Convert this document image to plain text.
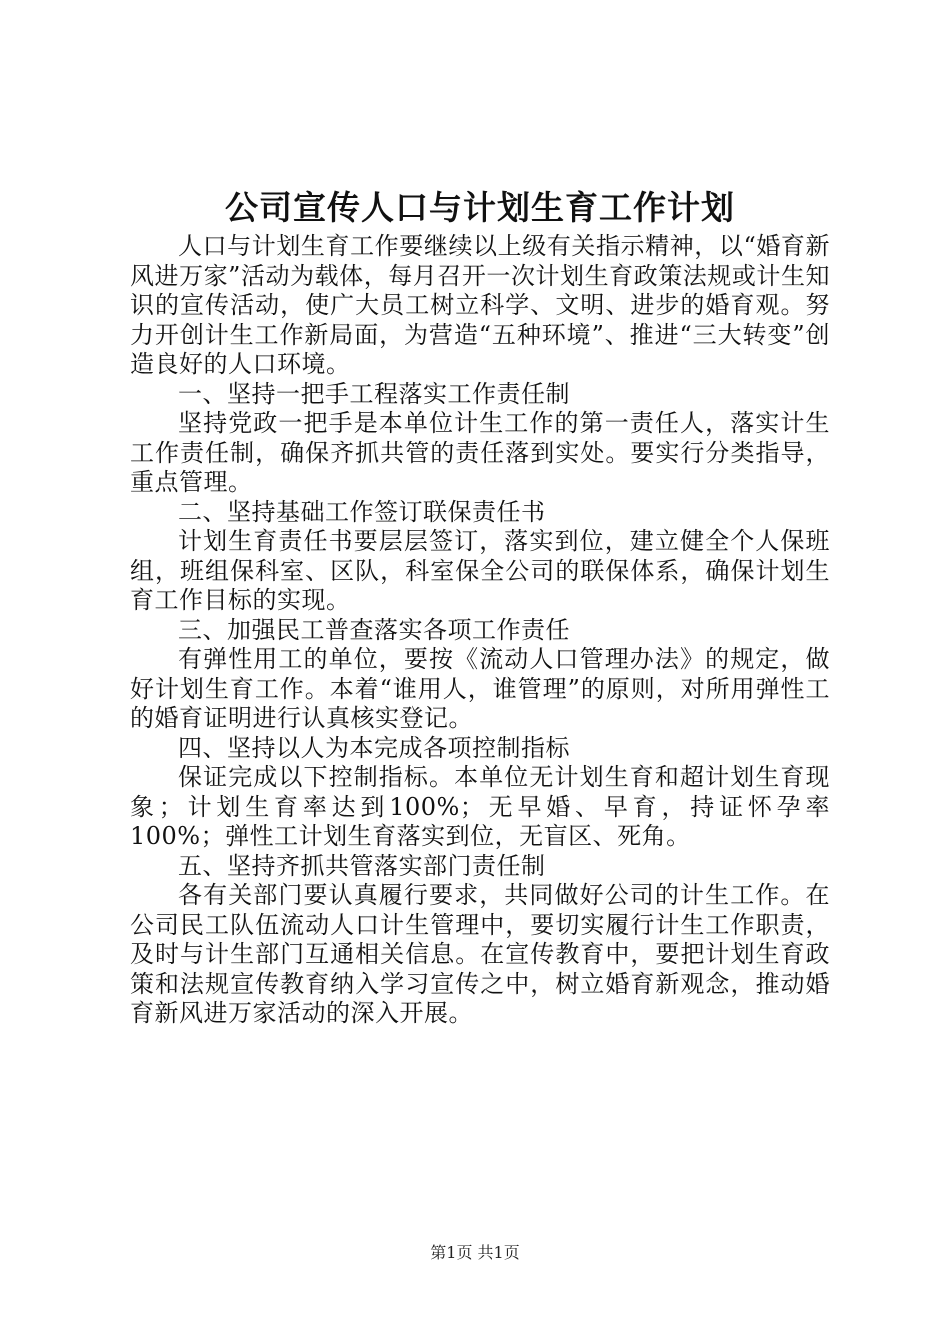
公司宣传人口与计划生育工作计划

人口与计划生育工作要继续以上级有关指示精神，以“婚育新风进万家”活动为载体，每月召开一次计划生育政策法规或计生知识的宣传活动，使广大员工树立科学、文明、进步的婚育观。努力开创计生工作新局面，为营造“五种环境”、推进“三大转变”创造良好的人口环境。

一、坚持一把手工程落实工作责任制

坚持党政一把手是本单位计生工作的第一责任人，落实计生工作责任制，确保齐抓共管的责任落到实处。要实行分类指导，重点管理。

二、坚持基础工作签订联保责任书

计划生育责任书要层层签订，落实到位，建立健全个人保班组，班组保科室、区队，科室保全公司的联保体系，确保计划生育工作目标的实现。

三、加强民工普查落实各项工作责任

有弹性用工的单位，要按《流动人口管理办法》的规定，做好计划生育工作。本着“谁用人，谁管理”的原则，对所用弹性工的婚育证明进行认真核实登记。

四、坚持以人为本完成各项控制指标

保证完成以下控制指标。本单位无计划生育和超计划生育现象；计划生育率达到100%；无早婚、早育，持证怀孕率100%；弹性工计划生育落实到位，无盲区、死角。

五、坚持齐抓共管落实部门责任制

各有关部门要认真履行要求，共同做好公司的计生工作。在公司民工队伍流动人口计生管理中，要切实履行计生工作职责，及时与计生部门互通相关信息。在宣传教育中，要把计划生育政策和法规宣传教育纳入学习宣传之中，树立婚育新观念，推动婚育新风进万家活动的深入开展。

第1页 共1页
